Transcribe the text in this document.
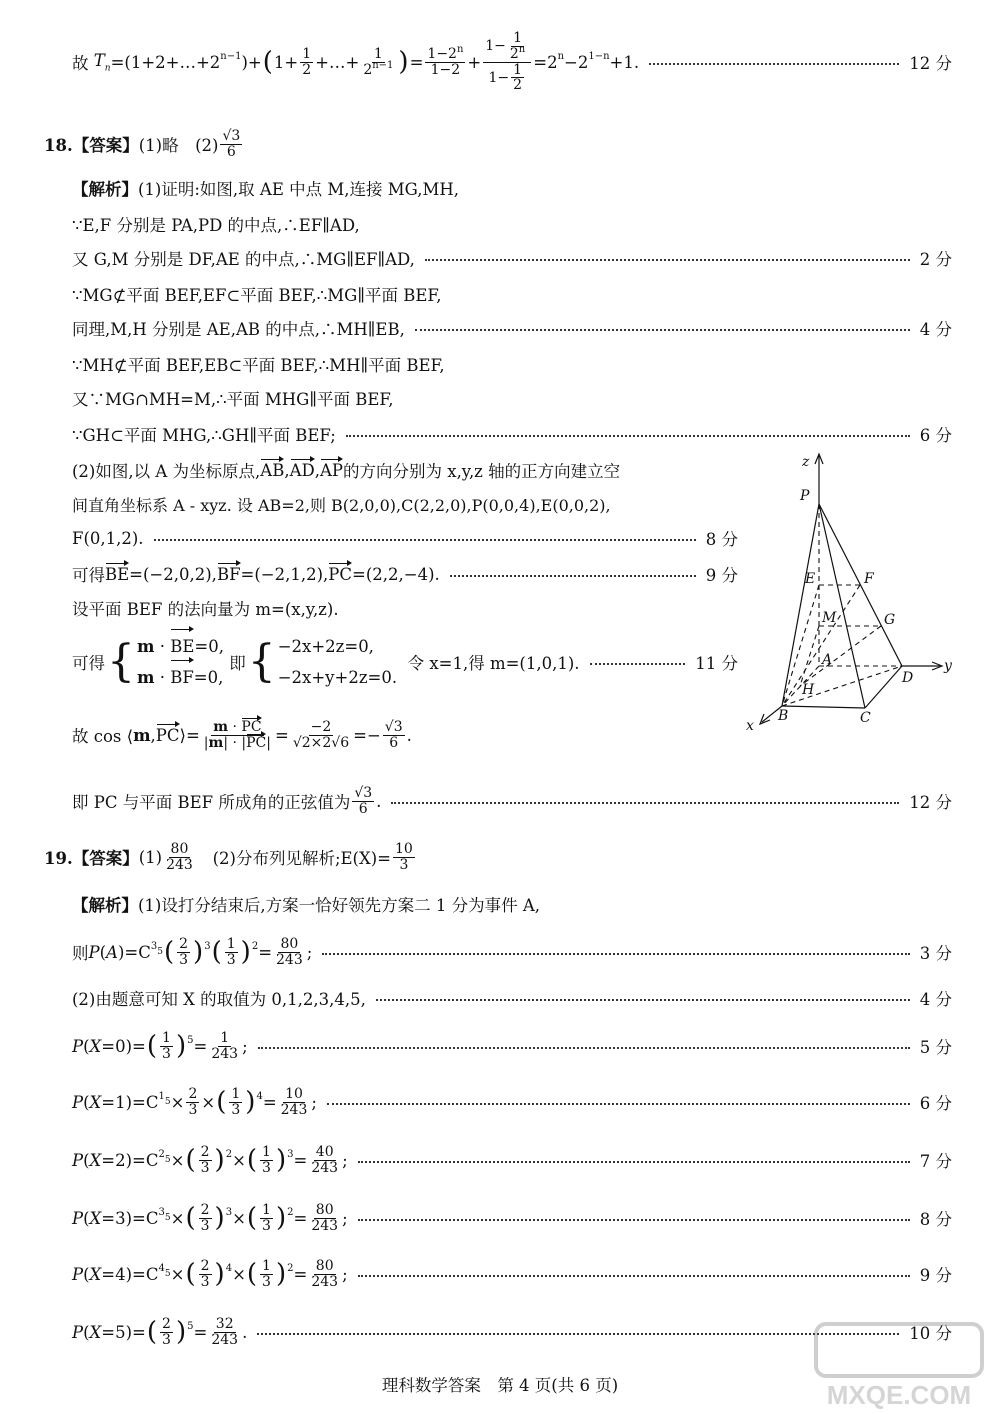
故 $T_n$ $=(1+2+\dots+2^{n-1}$ )+ ( $1+ \frac{1}{2}$ +…+ $\frac{1}{2^{n-1}}$ ) = $\frac{1-2^n}{1-2} + \frac{1- \frac{1}{2^n}}{1- \frac{1}{2}} =2^n -2^{1-n} +1$.	12 分
18.【答案】 (1)略　$(2) \frac{√3}{6}$
【解析】 (1)证明:如图,取 AE 中点 M,连接 MG,MH,
∵E,F 分别是 PA,PD 的中点,∴EF∥AD,
又 G,M 分别是 DF,AE 的中点,∴MG∥EF∥AD,	2 分
∵MG⊄平面 BEF,EF⊂平面 BEF,∴MG∥平面 BEF,
同理,M,H 分别是 AE,AB 的中点,∴MH∥EB,	4 分
∵MH⊄平面 BEF,EB⊂平面 BEF,∴MH∥平面 BEF,
又∵MG∩MH=M,∴平面 MHG∥平面 BEF,
∵GH⊂平面 MHG,∴GH∥平面 BEF;	6 分
(2)如图,以 A 为坐标原点, AB , AD , AP 的方向分别为 x,y,z 轴的正方向建立空
间直角坐标系 A - xyz. 设 AB=2,则 B(2,0,0),C(2,2,0),P(0,0,4),E(0,0,2),
F(0,1,2).	8 分
可得 BE =(−2,0,2), BF =(−2,1,2), PC =(2,2,−4).	9 分
设平面 BEF 的法向量为 m=(x,y,z).
可得 { m · BE=0,
m · BF=0,

即 { −2x+2z=0,
−2x+y+2z=0.

令 x=1,得 m=(1,0,1).	11 分
故 cos ⟨ m , PC ⟩= $\frac{m \cdot PC}{|m| \cdot |PC|} = \frac{-2}{√2\times 2√6} =- \frac{√3}{6}$ .
即 PC 与平面 BEF 所成角的正弦值为 $\frac{√3}{6}$ .	12 分
z
P
E	F
M	G
A
D
y
H
B	C
x
19.【答案】 $(1) \frac{80}{243}$
(2)分布列见解析;E(X)= $\frac{10}{3}$
【解析】 (1)设打分结束后,方案一恰好领先方案二 1 分为事件 A,
则 P ( A )$=C^3$
$_5$ ( $\frac{2}{3} )^3$ ( $\frac{1}{3} )^2 = \frac{80}{243}$ ;	3 分
(2)由题意可知 X 的取值为 0,1,2,3,4,5,	4 分
P ( X =0)= ( $\frac{1}{3} )^5 = \frac{1}{243}$ ;	5 分
P ( $X =1)=C^1$
$_5 \times \frac{2}{3}$ × ( $\frac{1}{3} )^4 = \frac{10}{243}$ ;	6 分
P ( $X =2)=C^2$
$_5$ × ( $\frac{2}{3} )^2$ × ( $\frac{1}{3} )^3 = \frac{40}{243}$ ;	7 分
P ( $X =3)=C^3$
$_5$ × ( $\frac{2}{3} )^3$ × ( $\frac{1}{3} )^2 = \frac{80}{243}$ ;	8 分
P ( $X =4)=C^4$
$_5$ × ( $\frac{2}{3} )^4$ × ( $\frac{1}{3} )^2 = \frac{80}{243}$ ;	9 分
P ( X =5)= ( $\frac{2}{3} )^5 = \frac{32}{243}$ .	10 分
理科数学答案　第 4 页(共 6 页)	MXQE.COM
